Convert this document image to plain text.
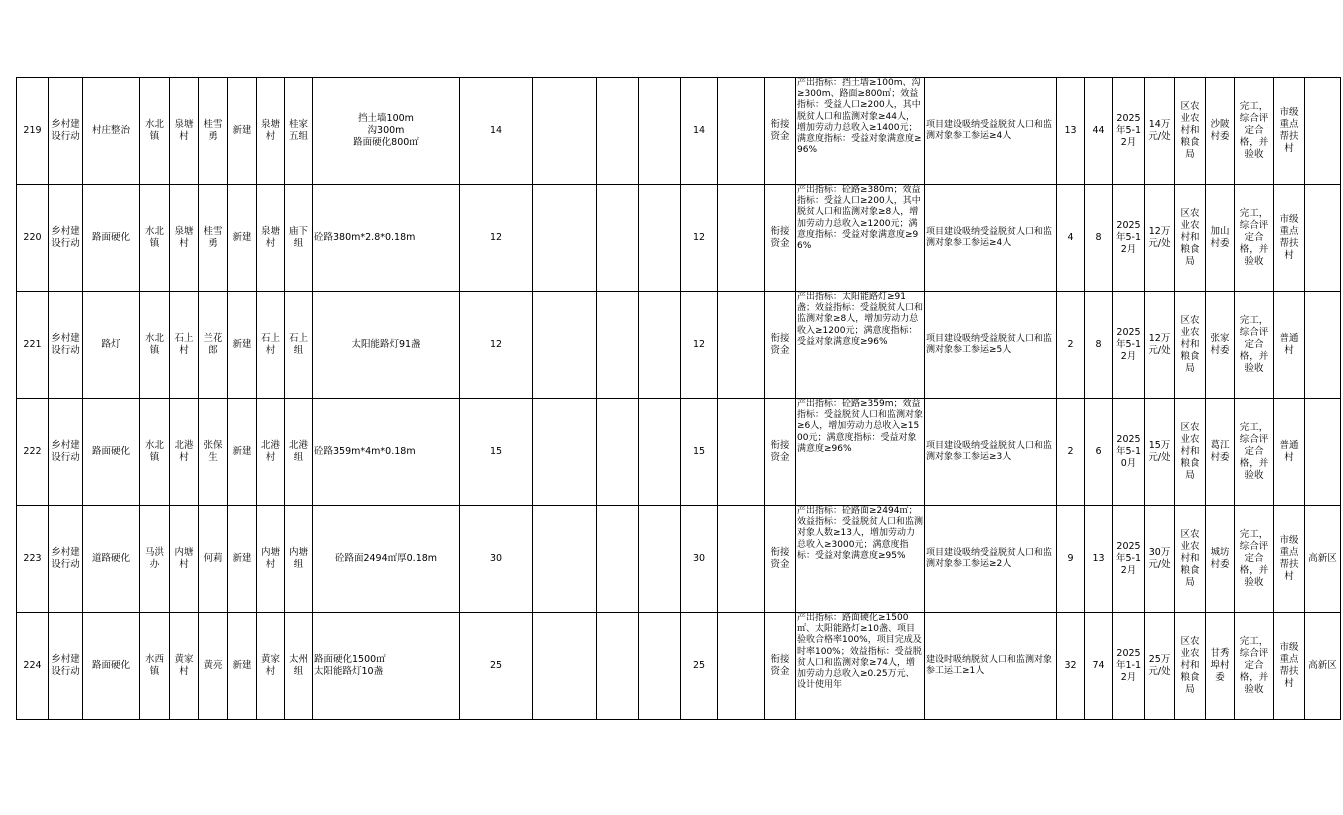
219	乡村建设行动	村庄整治	水北镇	泉塘村	桂雪勇	新建	泉塘村	桂家五组	挡土墙100m
沟300m
路面硬化800㎡	14				14		衔接资金	产出指标：挡土墙≥100m、沟≥300m、路面≥800㎡；效益指标：受益人口≥200人，其中脱贫人口和监测对象≥44人，增加劳动力总收入≥1400元；满意度指标：受益对象满意度≥96%	项目建设吸纳受益脱贫人口和监测对象参工参运≥4人	13	44	2025年5-12月	14万元/处	区农业农村和粮食局	沙陂村委	完工，综合评定合格，并验收	市级重点帮扶村	
220	乡村建设行动	路面硬化	水北镇	泉塘村	桂雪勇	新建	泉塘村	庙下组	砼路380m*2.8*0.18m	12				12		衔接资金	产出指标：砼路≥380m；效益指标：受益人口≥200人，其中脱贫人口和监测对象≥8人，增加劳动力总收入≥1200元；满意度指标：受益对象满意度≥96%	项目建设吸纳受益脱贫人口和监测对象参工参运≥4人	4	8	2025年5-12月	12万元/处	区农业农村和粮食局	加山村委	完工，综合评定合格，并验收	市级重点帮扶村	
221	乡村建设行动	路灯	水北镇	石上村	兰花郎	新建	石上村	石上组	太阳能路灯91盏	12				12		衔接资金	产出指标：太阳能路灯≥91盏；效益指标：受益脱贫人口和监测对象≥8人，增加劳动力总收入≥1200元；满意度指标：受益对象满意度≥96%	项目建设吸纳受益脱贫人口和监测对象参工参运≥5人	2	8	2025年5-12月	12万元/处	区农业农村和粮食局	张家村委	完工，综合评定合格，并验收	普通村	
222	乡村建设行动	路面硬化	水北镇	北港村	张保生	新建	北港村	北港组	砼路359m*4m*0.18m	15				15		衔接资金	产出指标：砼路≥359m；效益指标：受益脱贫人口和监测对象≥6人，增加劳动力总收入≥1500元；满意度指标：受益对象满意度≥96%	项目建设吸纳受益脱贫人口和监测对象参工参运≥3人	2	6	2025年5-10月	15万元/处	区农业农村和粮食局	葛江村委	完工，综合评定合格，并验收	普通村	
223	乡村建设行动	道路硬化	马洪办	内塘村	何莉	新建	内塘村	内塘组	砼路面2494㎡厚0.18m	30				30		衔接资金	产出指标：砼路面≥2494㎡；效益指标：受益脱贫人口和监测对象人数≥13人，增加劳动力总收入≥3000元；满意度指标：受益对象满意度≥95%	项目建设吸纳受益脱贫人口和监测对象参工参运≥2人	9	13	2025年5-12月	30万元/处	区农业农村和粮食局	城坊村委	完工，综合评定合格，并验收	市级重点帮扶村	高新区
224	乡村建设行动	路面硬化	水西镇	黄家村	黄亮	新建	黄家村	太州组	路面硬化1500㎡
太阳能路灯10盏	25				25		衔接资金	产出指标：路面硬化≥1500㎡、太阳能路灯≥10盏、项目验收合格率100%，项目完成及时率100%；效益指标：受益脱贫人口和监测对象≥74人，增加劳动力总收入≥0.25万元、设计使用年	建设时吸纳脱贫人口和监测对象参工运工≥1人	32	74	2025年1-12月	25万元/处	区农业农村和粮食局	甘秀埠村委	完工，综合评定合格，并验收	市级重点帮扶村	高新区
